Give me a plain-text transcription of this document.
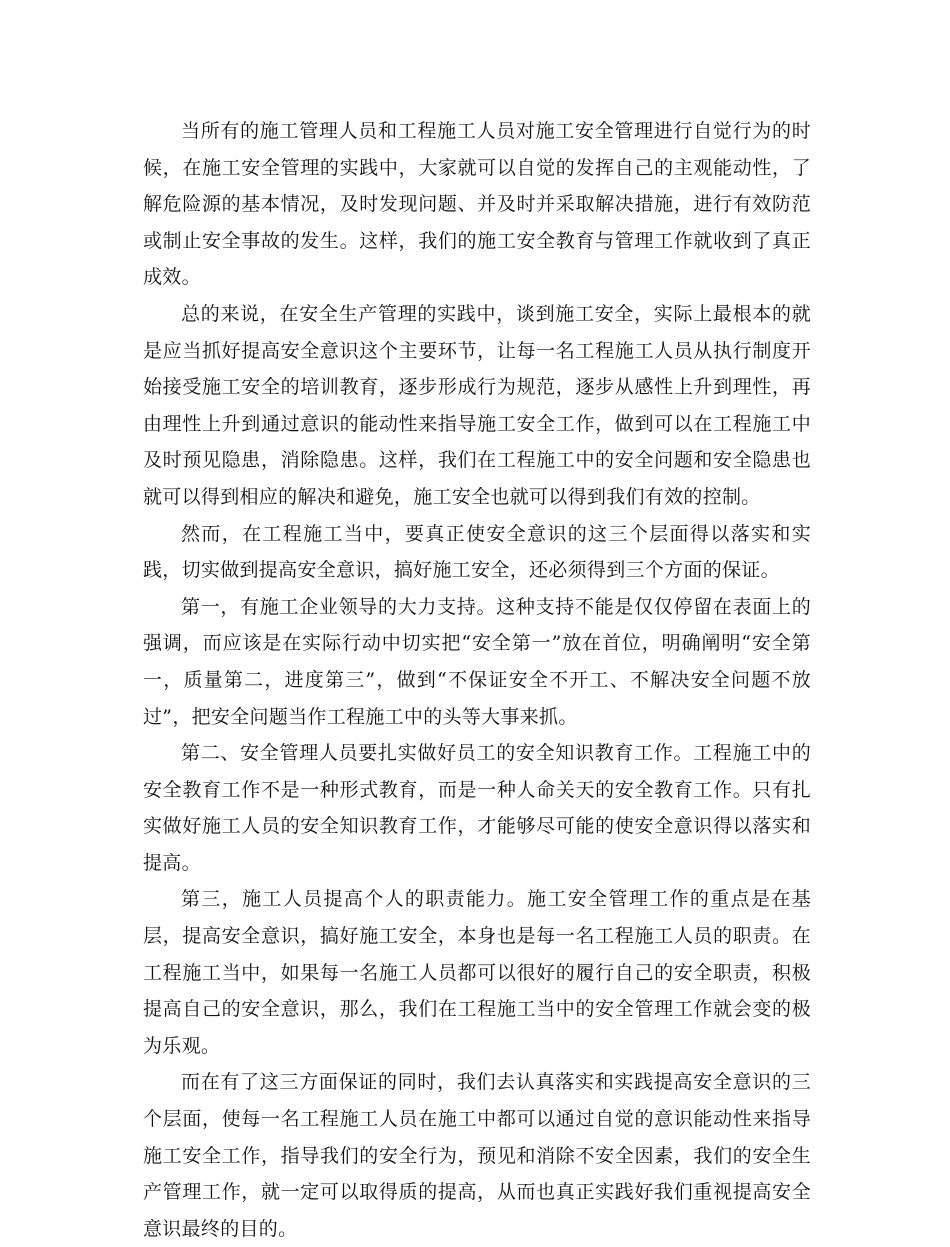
当所有的施工管理人员和工程施工人员对施工安全管理进行自觉行为的时候，在施工安全管理的实践中，大家就可以自觉的发挥自己的主观能动性，了解危险源的基本情况，及时发现问题、并及时并采取解决措施，进行有效防范或制止安全事故的发生。这样，我们的施工安全教育与管理工作就收到了真正成效。

总的来说，在安全生产管理的实践中，谈到施工安全，实际上最根本的就是应当抓好提高安全意识这个主要环节，让每一名工程施工人员从执行制度开始接受施工安全的培训教育，逐步形成行为规范，逐步从感性上升到理性，再由理性上升到通过意识的能动性来指导施工安全工作，做到可以在工程施工中及时预见隐患，消除隐患。这样，我们在工程施工中的安全问题和安全隐患也就可以得到相应的解决和避免，施工安全也就可以得到我们有效的控制。

然而，在工程施工当中，要真正使安全意识的这三个层面得以落实和实践，切实做到提高安全意识，搞好施工安全，还必须得到三个方面的保证。

第一，有施工企业领导的大力支持。这种支持不能是仅仅停留在表面上的强调，而应该是在实际行动中切实把“安全第一”放在首位，明确阐明“安全第一，质量第二，进度第三”，做到“不保证安全不开工、不解决安全问题不放过”，把安全问题当作工程施工中的头等大事来抓。

第二、安全管理人员要扎实做好员工的安全知识教育工作。工程施工中的安全教育工作不是一种形式教育，而是一种人命关天的安全教育工作。只有扎实做好施工人员的安全知识教育工作，才能够尽可能的使安全意识得以落实和提高。

第三，施工人员提高个人的职责能力。施工安全管理工作的重点是在基层，提高安全意识，搞好施工安全，本身也是每一名工程施工人员的职责。在工程施工当中，如果每一名施工人员都可以很好的履行自己的安全职责，积极提高自己的安全意识，那么，我们在工程施工当中的安全管理工作就会变的极为乐观。

而在有了这三方面保证的同时，我们去认真落实和实践提高安全意识的三个层面，使每一名工程施工人员在施工中都可以通过自觉的意识能动性来指导施工安全工作，指导我们的安全行为，预见和消除不安全因素，我们的安全生产管理工作，就一定可以取得质的提高，从而也真正实践好我们重视提高安全意识最终的目的。
